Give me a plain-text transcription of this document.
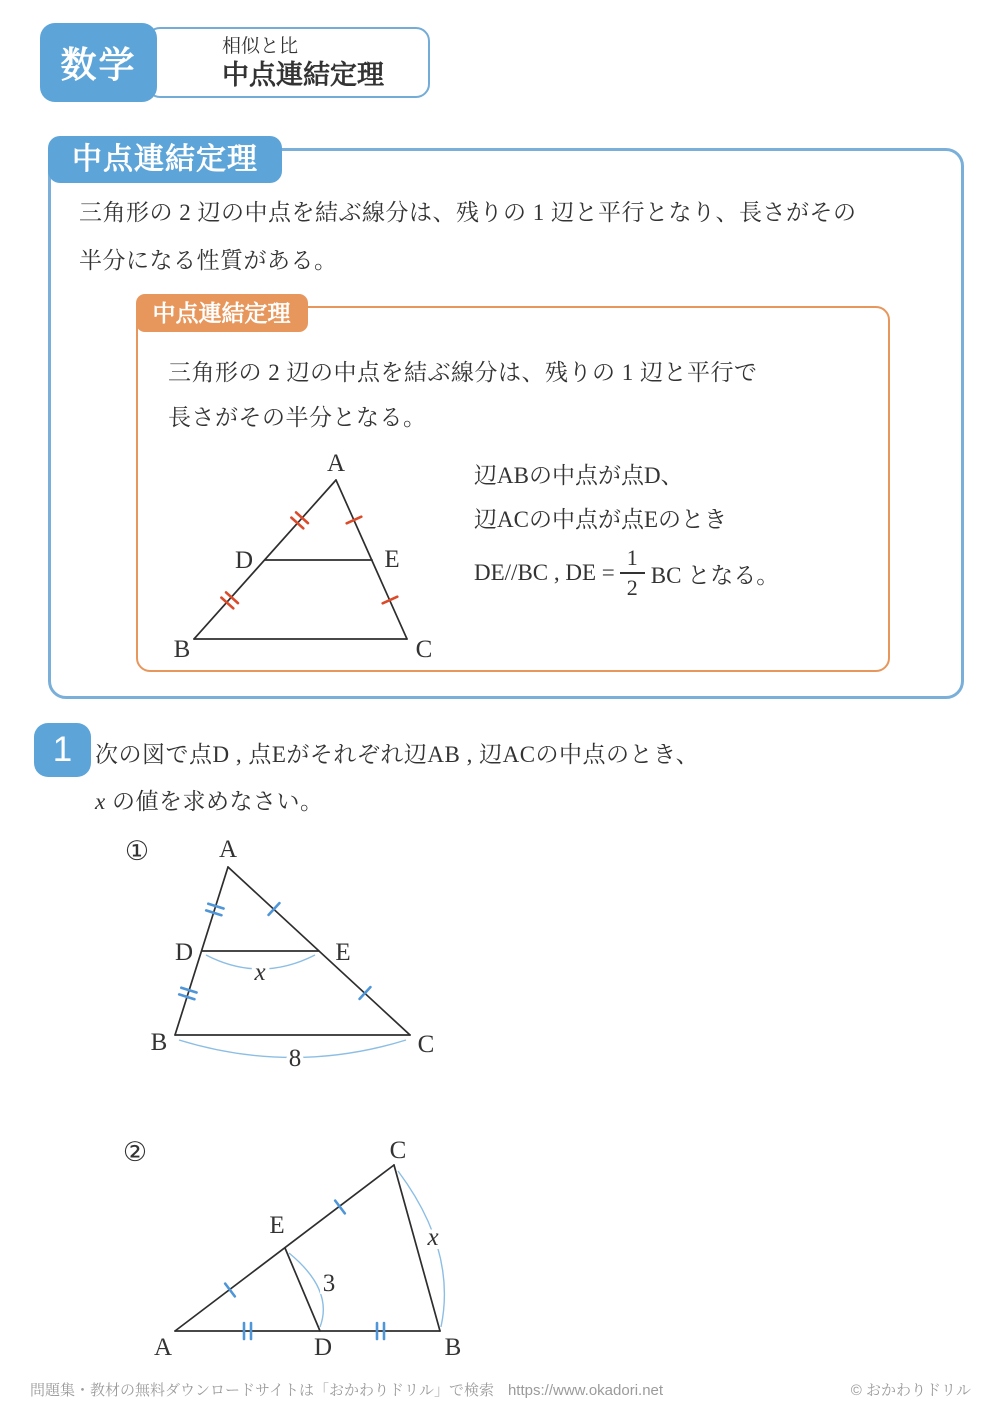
相似と比
中点連結定理
数学
中点連結定理
三角形の 2 辺の中点を結ぶ線分は、残りの 1 辺と平行となり、長さがその
半分になる性質がある。
中点連結定理
三角形の 2 辺の中点を結ぶ線分は、残りの 1 辺と平行で
長さがその半分となる。
A
B	C
D	E
辺ABの中点が点D、
辺ACの中点が点Eのとき
DE//BC , DE = $\frac{1}{2}$ BC となる。
1 次の図で点D , 点Eがそれぞれ辺AB , 辺ACの中点のとき、
x の値を求めなさい。
①	A
B	C
D	E
x
8
②
A	B
C
D
E
3
x
問題集・教材の無料ダウンロードサイトは「おかわりドリル」で検索 https://www.okadori.net	© おかわりドリル
